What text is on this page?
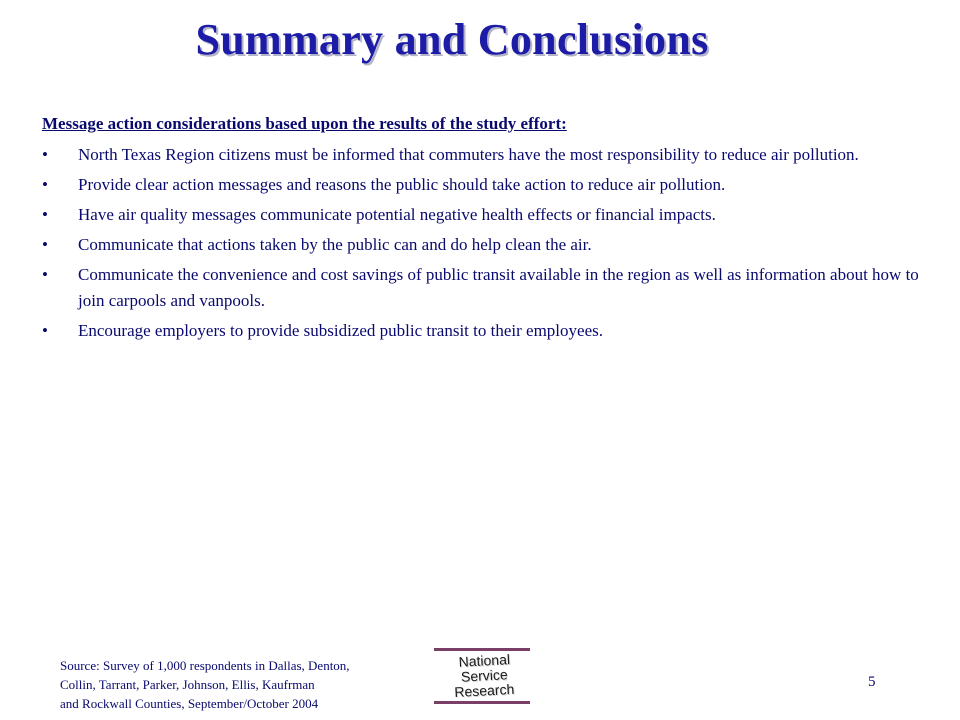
Summary and Conclusions
Message action considerations based upon the results of the study effort:
•	North Texas Region citizens must be informed that commuters have the most responsibility to reduce air pollution.
•	Provide clear action messages and reasons the public should take action to reduce air pollution.
•	Have air quality messages communicate potential negative health effects or financial impacts.
•	Communicate that actions taken by the public can and do help clean the air.
•	Communicate the convenience and cost savings of public transit available in the region as well as information about how to join carpools and vanpools.
•	Encourage employers to provide subsidized public transit to their employees.
Source: Survey of 1,000 respondents in Dallas, Denton,
Collin, Tarrant, Parker, Johnson, Ellis, Kaufrman
and Rockwall Counties, September/October 2004
National
Service
Research	5
